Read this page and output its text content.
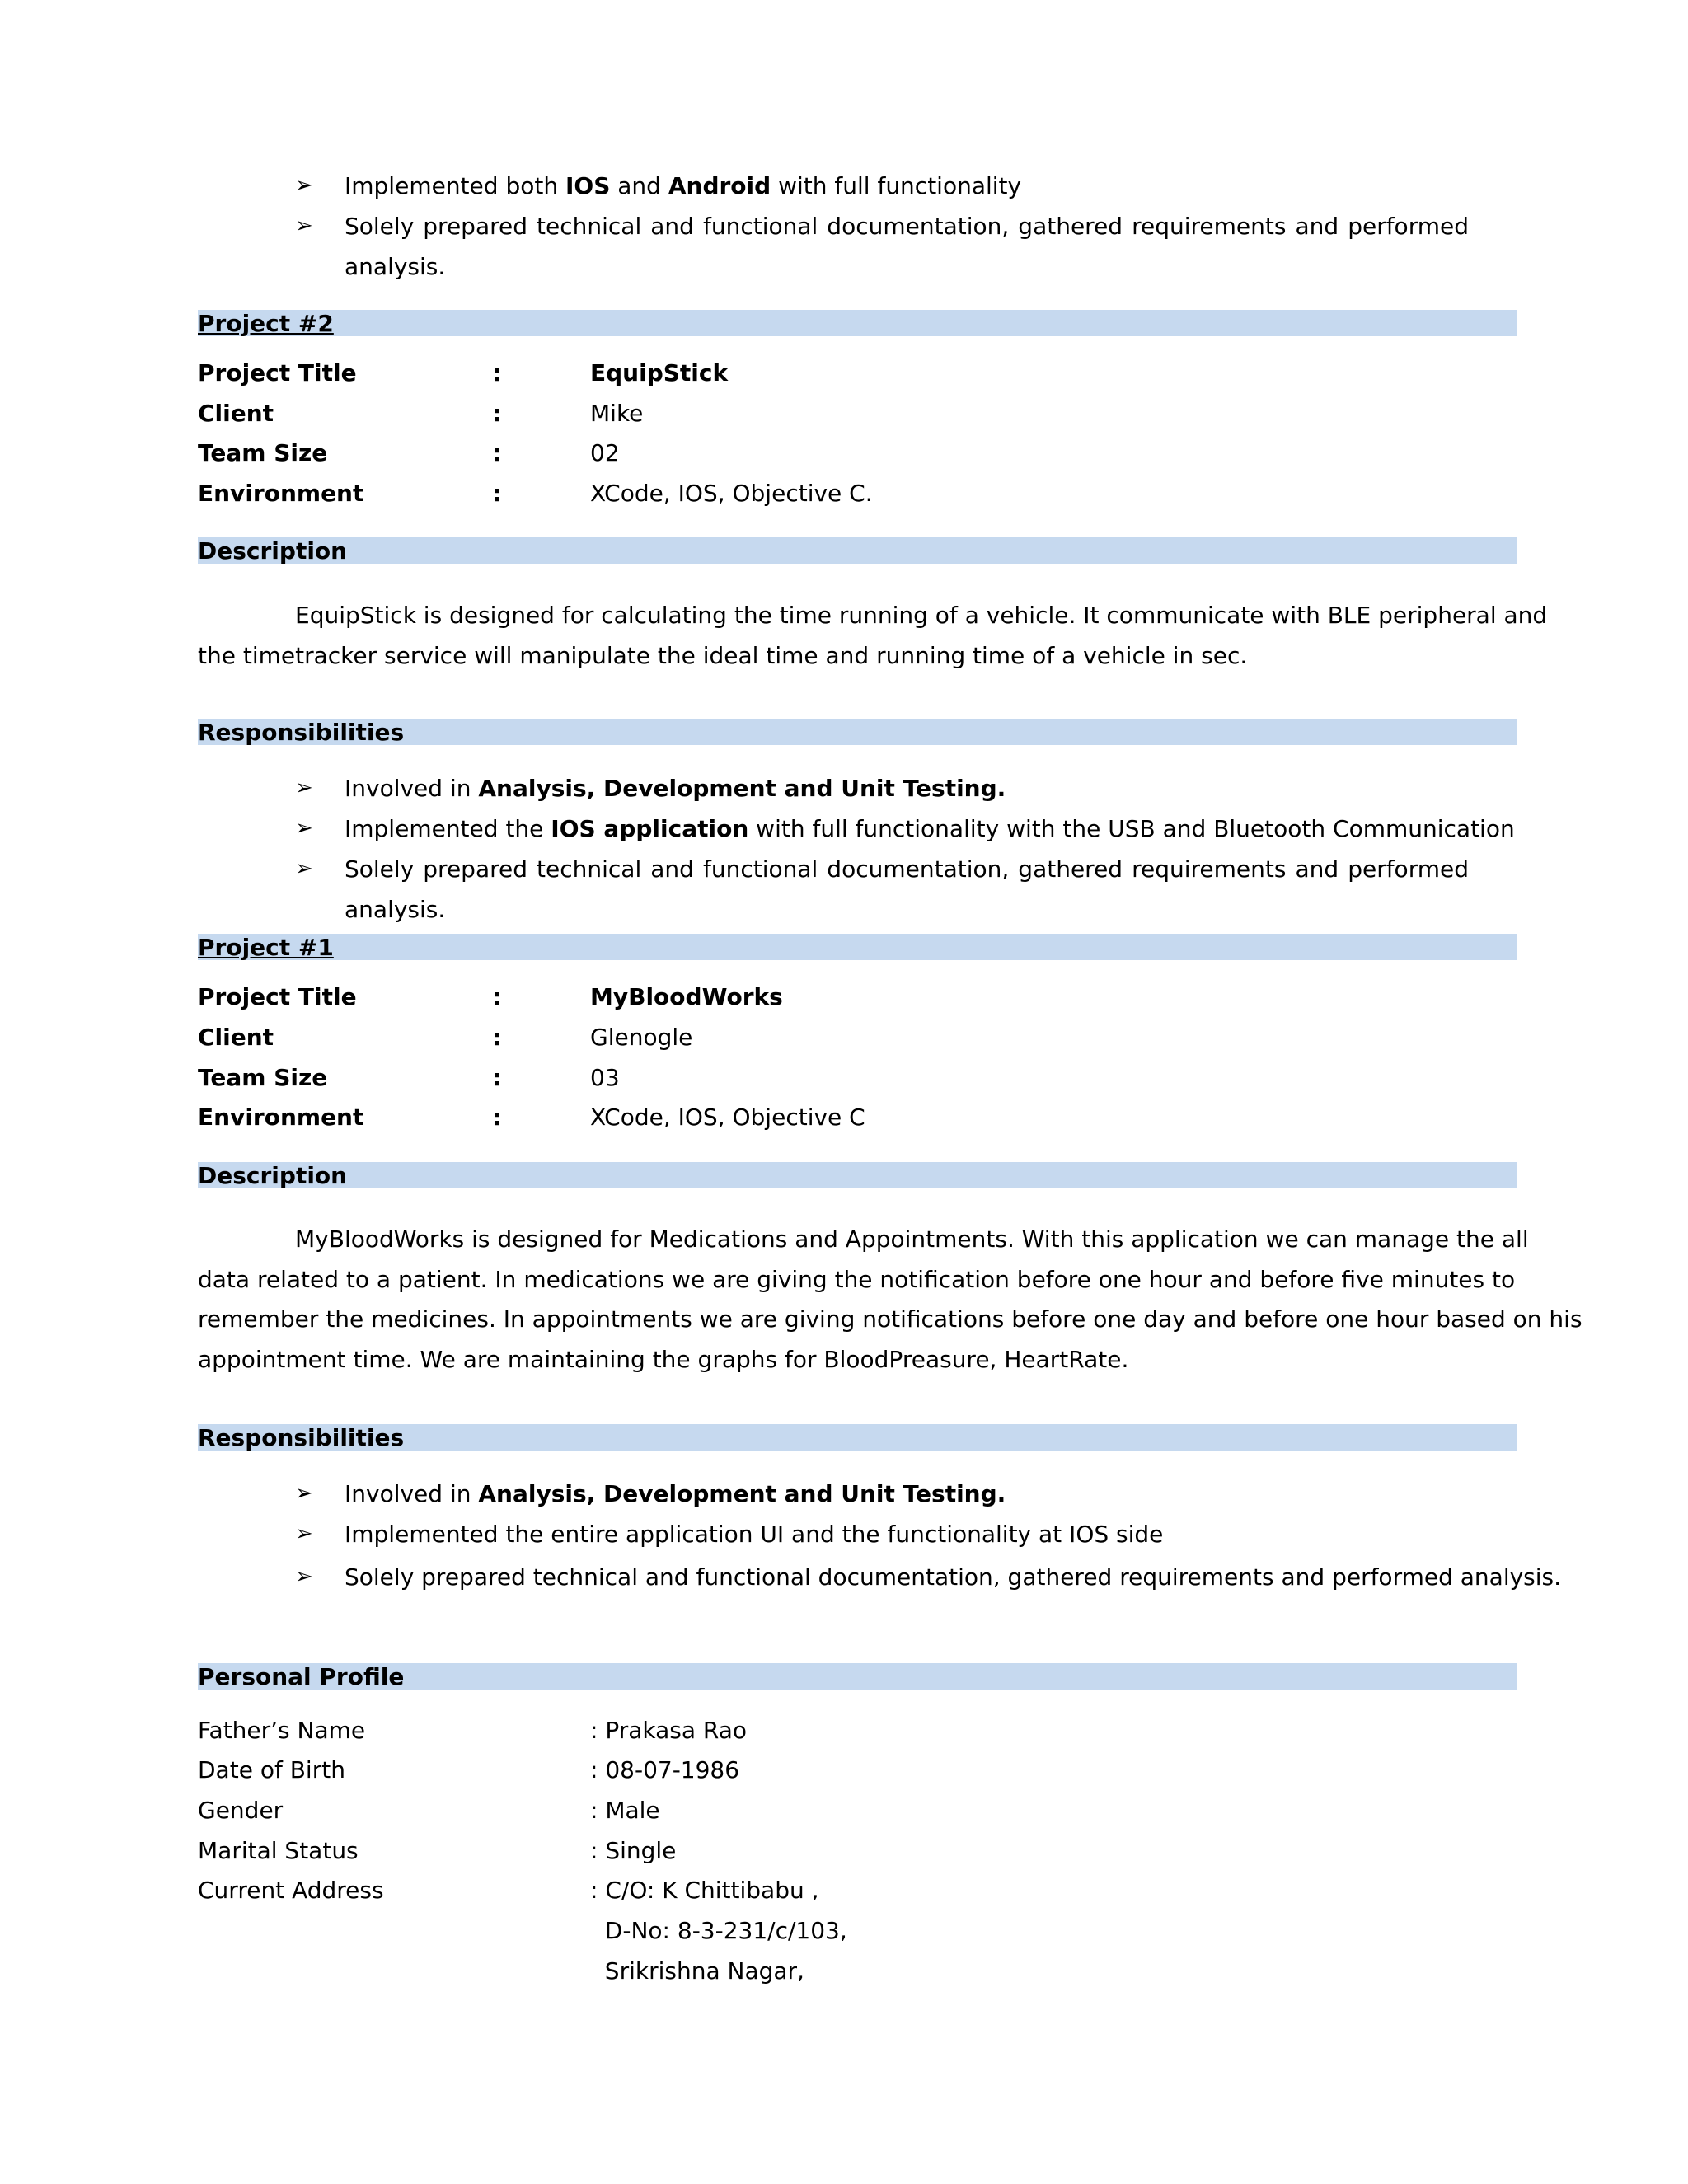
➢ Implemented both IOS and Android with full functionality
➢ Solely prepared technical and functional documentation, gathered requirements and performed
analysis.
Project #2
Project Title	:	EquipStick
Client	:	Mike
Team Size	:	02
Environment	:	XCode, IOS, Objective C.
Description
EquipStick is designed for calculating the time running of a vehicle. It communicate with BLE peripheral and
the timetracker service will manipulate the ideal time and running time of a vehicle in sec.
Responsibilities
➢ Involved in Analysis, Development and Unit Testing.
➢ Implemented the IOS application with full functionality with the USB and Bluetooth Communication
➢ Solely prepared technical and functional documentation, gathered requirements and performed
analysis.
Project #1
Project Title	:	MyBloodWorks
Client	:	Glenogle
Team Size	:	03
Environment	:	XCode, IOS, Objective C
Description
MyBloodWorks is designed for Medications and Appointments. With this application we can manage the all
data related to a patient. In medications we are giving the notification before one hour and before five minutes to
remember the medicines. In appointments we are giving notifications before one day and before one hour based on his
appointment time. We are maintaining the graphs for BloodPreasure, HeartRate.
Responsibilities
➢ Involved in Analysis, Development and Unit Testing.
➢ Implemented the entire application UI and the functionality at IOS side
➢ Solely prepared technical and functional documentation, gathered requirements and performed analysis.
Personal Profile
Father’s Name	: Prakasa Rao
Date of Birth	: 08-07-1986
Gender	: Male
Marital Status	: Single
Current Address	: C/O: K Chittibabu ,
D-No: 8-3-231/c/103,
Srikrishna Nagar,
